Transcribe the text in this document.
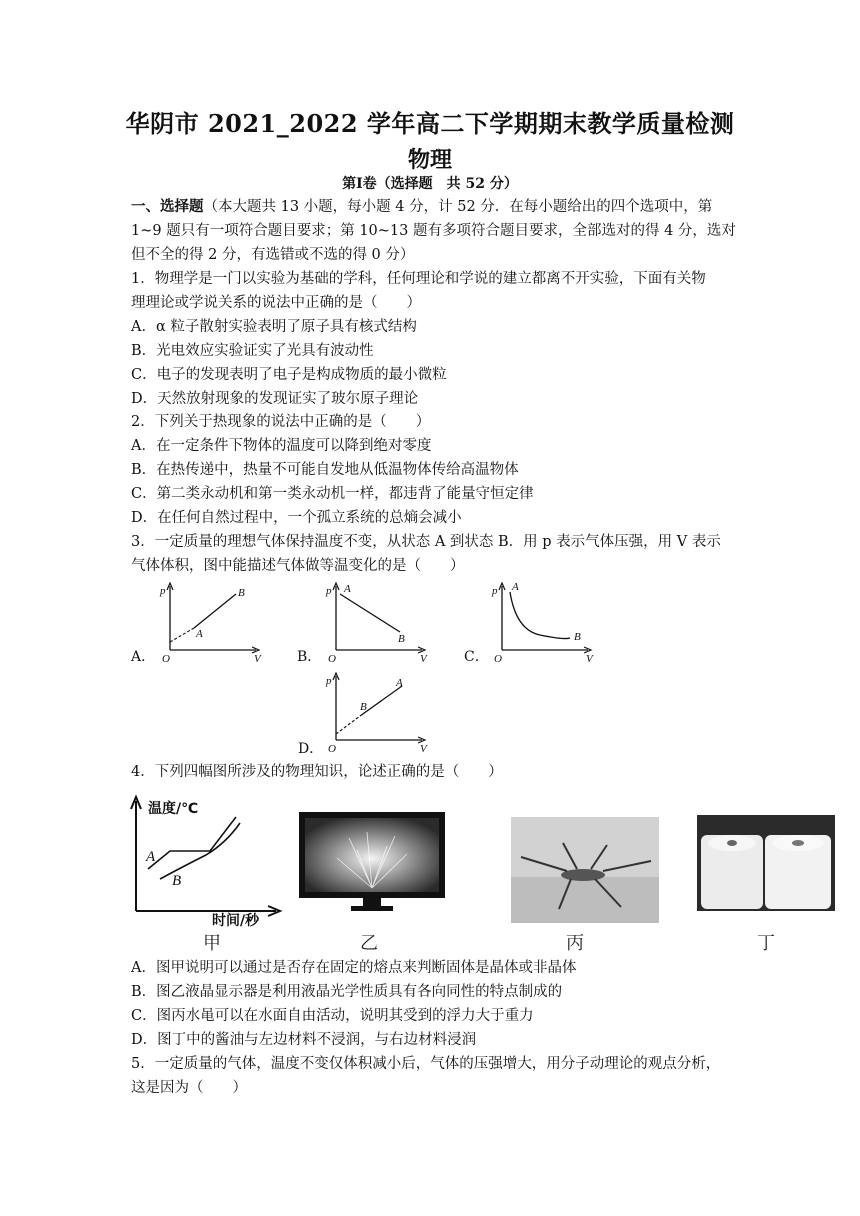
华阴市 2021_2022 学年高二下学期期末教学质量检测
物理
第Ⅰ卷（选择题　共 52 分）
一、选择题（本大题共 13 小题，每小题 4 分，计 52 分．在每小题给出的四个选项中，第
1~9 题只有一项符合题目要求；第 10~13 题有多项符合题目要求，全部选对的得 4 分，选对
但不全的得 2 分，有选错或不选的得 0 分）
1．物理学是一门以实验为基础的学科，任何理论和学说的建立都离不开实验，下面有关物
理理论或学说关系的说法中正确的是（　　）
A．α 粒子散射实验表明了原子具有核式结构
B．光电效应实验证实了光具有波动性
C．电子的发现表明了电子是构成物质的最小微粒
D．天然放射现象的发现证实了玻尔原子理论
2．下列关于热现象的说法中正确的是（　　）
A．在一定条件下物体的温度可以降到绝对零度
B．在热传递中，热量不可能自发地从低温物体传给高温物体
C．第二类永动机和第一类永动机一样，都违背了能量守恒定律
D．在任何自然过程中，一个孤立系统的总熵会减小
3．一定质量的理想气体保持温度不变，从状态 A 到状态 B．用 p 表示气体压强，用 V 表示
气体体积，图中能描述气体做等温变化的是（　　）
A．
p
O	V
A
B
B．
p
O	V
A
B
C．
p
O	V
A
B
D．
p
O	V
B
A
4．下列四幅图所涉及的物理知识，论述正确的是（　　）
温度/℃
时间/秒
A
B
甲	乙	丙	丁
A．图甲说明可以通过是否存在固定的熔点来判断固体是晶体或非晶体
B．图乙液晶显示器是利用液晶光学性质具有各向同性的特点制成的
C．图丙水黾可以在水面自由活动，说明其受到的浮力大于重力
D．图丁中的酱油与左边材料不浸润，与右边材料浸润
5．一定质量的气体，温度不变仅体积减小后，气体的压强增大，用分子动理论的观点分析，
这是因为（　　）
